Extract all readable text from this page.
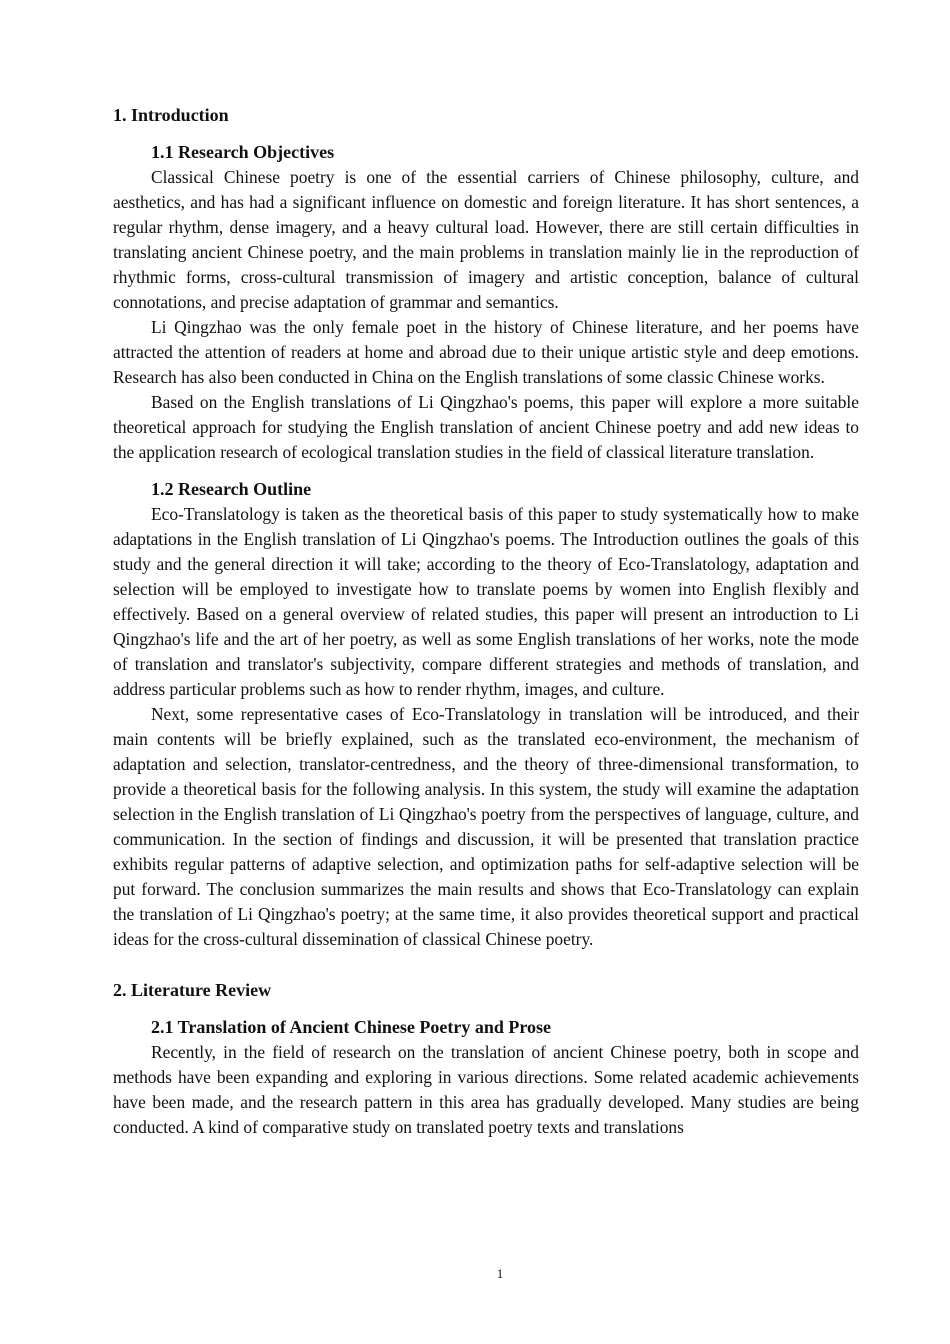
1. Introduction
1.1 Research Objectives

Classical Chinese poetry is one of the essential carriers of Chinese philosophy, culture, and aesthetics, and has had a significant influence on domestic and foreign literature. It has short sentences, a regular rhythm, dense imagery, and a heavy cultural load. However, there are still certain difficulties in translating ancient Chinese poetry, and the main problems in translation mainly lie in the reproduction of rhythmic forms, cross-cultural transmission of imagery and artistic conception, balance of cultural connotations, and precise adaptation of grammar and semantics.

Li Qingzhao was the only female poet in the history of Chinese literature, and her poems have attracted the attention of readers at home and abroad due to their unique artistic style and deep emotions. Research has also been conducted in China on the English translations of some classic Chinese works.

Based on the English translations of Li Qingzhao's poems, this paper will explore a more suitable theoretical approach for studying the English translation of ancient Chinese poetry and add new ideas to the application research of ecological translation studies in the field of classical literature translation.

1.2 Research Outline

Eco-Translatology is taken as the theoretical basis of this paper to study systematically how to make adaptations in the English translation of Li Qingzhao's poems. The Introduction outlines the goals of this study and the general direction it will take; according to the theory of Eco-Translatology, adaptation and selection will be employed to investigate how to translate poems by women into English flexibly and effectively. Based on a general overview of related studies, this paper will present an introduction to Li Qingzhao's life and the art of her poetry, as well as some English translations of her works, note the mode of translation and translator's subjectivity, compare different strategies and methods of translation, and address particular problems such as how to render rhythm, images, and culture.

Next, some representative cases of Eco-Translatology in translation will be introduced, and their main contents will be briefly explained, such as the translated eco-environment, the mechanism of adaptation and selection, translator-centredness, and the theory of three-dimensional transformation, to provide a theoretical basis for the following analysis. In this system, the study will examine the adaptation selection in the English translation of Li Qingzhao's poetry from the perspectives of language, culture, and communication. In the section of findings and discussion, it will be presented that translation practice exhibits regular patterns of adaptive selection, and optimization paths for self-adaptive selection will be put forward. The conclusion summarizes the main results and shows that Eco-Translatology can explain the translation of Li Qingzhao's poetry; at the same time, it also provides theoretical support and practical ideas for the cross-cultural dissemination of classical Chinese poetry.

2. Literature Review
2.1 Translation of Ancient Chinese Poetry and Prose

Recently, in the field of research on the translation of ancient Chinese poetry, both in scope and methods have been expanding and exploring in various directions. Some related academic achievements have been made, and the research pattern in this area has gradually developed. Many studies are being conducted. A kind of comparative study on translated poetry texts and translations

1
